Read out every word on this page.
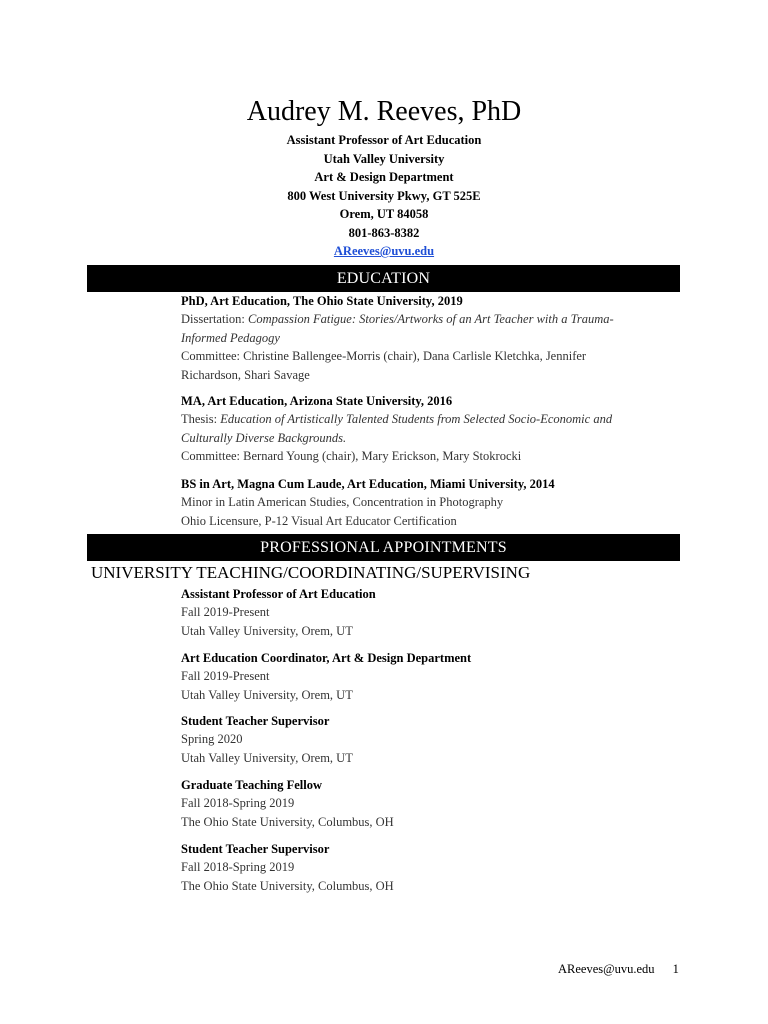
Audrey M. Reeves, PhD
Assistant Professor of Art Education
Utah Valley University
Art & Design Department
800 West University Pkwy, GT 525E
Orem, UT 84058
801-863-8382
AReeves@uvu.edu
EDUCATION
PhD, Art Education, The Ohio State University, 2019
Dissertation: Compassion Fatigue: Stories/Artworks of an Art Teacher with a Trauma-
Informed Pedagogy
Committee: Christine Ballengee-Morris (chair), Dana Carlisle Kletchka, Jennifer
Richardson, Shari Savage
MA, Art Education, Arizona State University, 2016
Thesis: Education of Artistically Talented Students from Selected Socio-Economic and
Culturally Diverse Backgrounds.
Committee: Bernard Young (chair), Mary Erickson, Mary Stokrocki
BS in Art, Magna Cum Laude, Art Education, Miami University, 2014
Minor in Latin American Studies, Concentration in Photography
Ohio Licensure, P-12 Visual Art Educator Certification
PROFESSIONAL APPOINTMENTS
UNIVERSITY TEACHING/COORDINATING/SUPERVISING
Assistant Professor of Art Education
Fall 2019-Present
Utah Valley University, Orem, UT
Art Education Coordinator, Art & Design Department
Fall 2019-Present
Utah Valley University, Orem, UT
Student Teacher Supervisor
Spring 2020
Utah Valley University, Orem, UT
Graduate Teaching Fellow
Fall 2018-Spring 2019
The Ohio State University, Columbus, OH
Student Teacher Supervisor
Fall 2018-Spring 2019
The Ohio State University, Columbus, OH
AReeves@uvu.edu 1
